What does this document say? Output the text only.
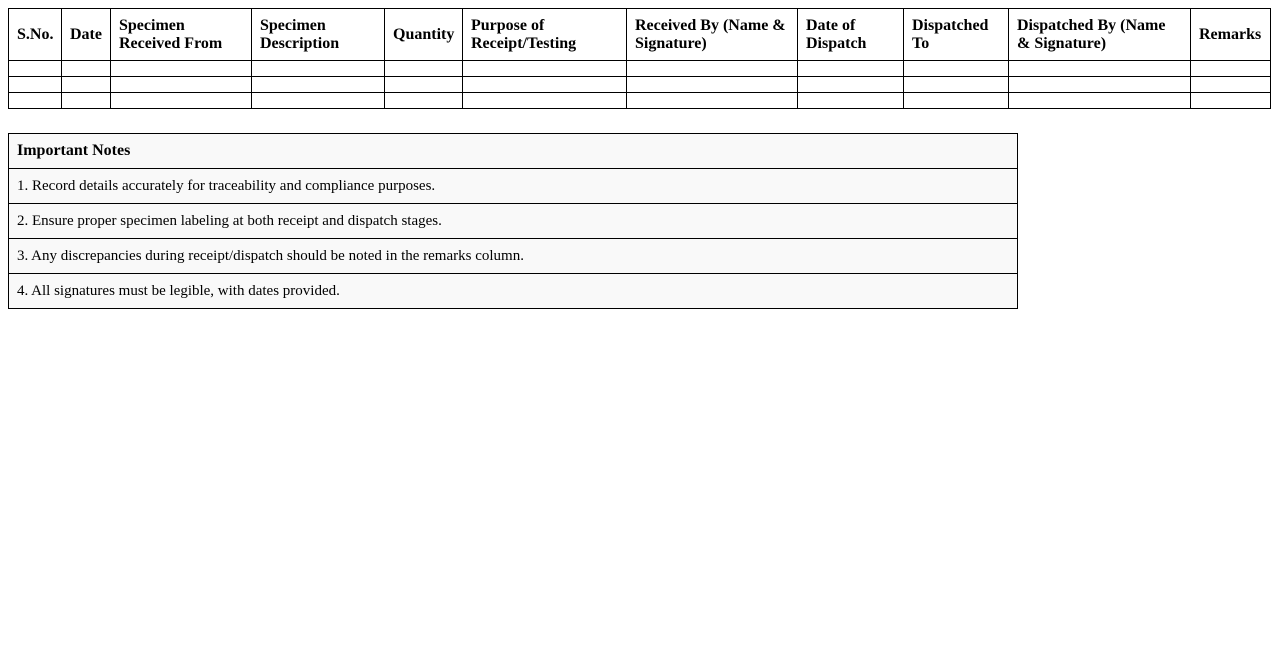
S.No.	Date	Specimen Received From	Specimen Description	Quantity	Purpose of Receipt/Testing	Received By (Name & Signature)	Date of Dispatch	Dispatched To	Dispatched By (Name & Signature)	Remarks

Important Notes
1. Record details accurately for traceability and compliance purposes.
2. Ensure proper specimen labeling at both receipt and dispatch stages.
3. Any discrepancies during receipt/dispatch should be noted in the remarks column.
4. All signatures must be legible, with dates provided.
